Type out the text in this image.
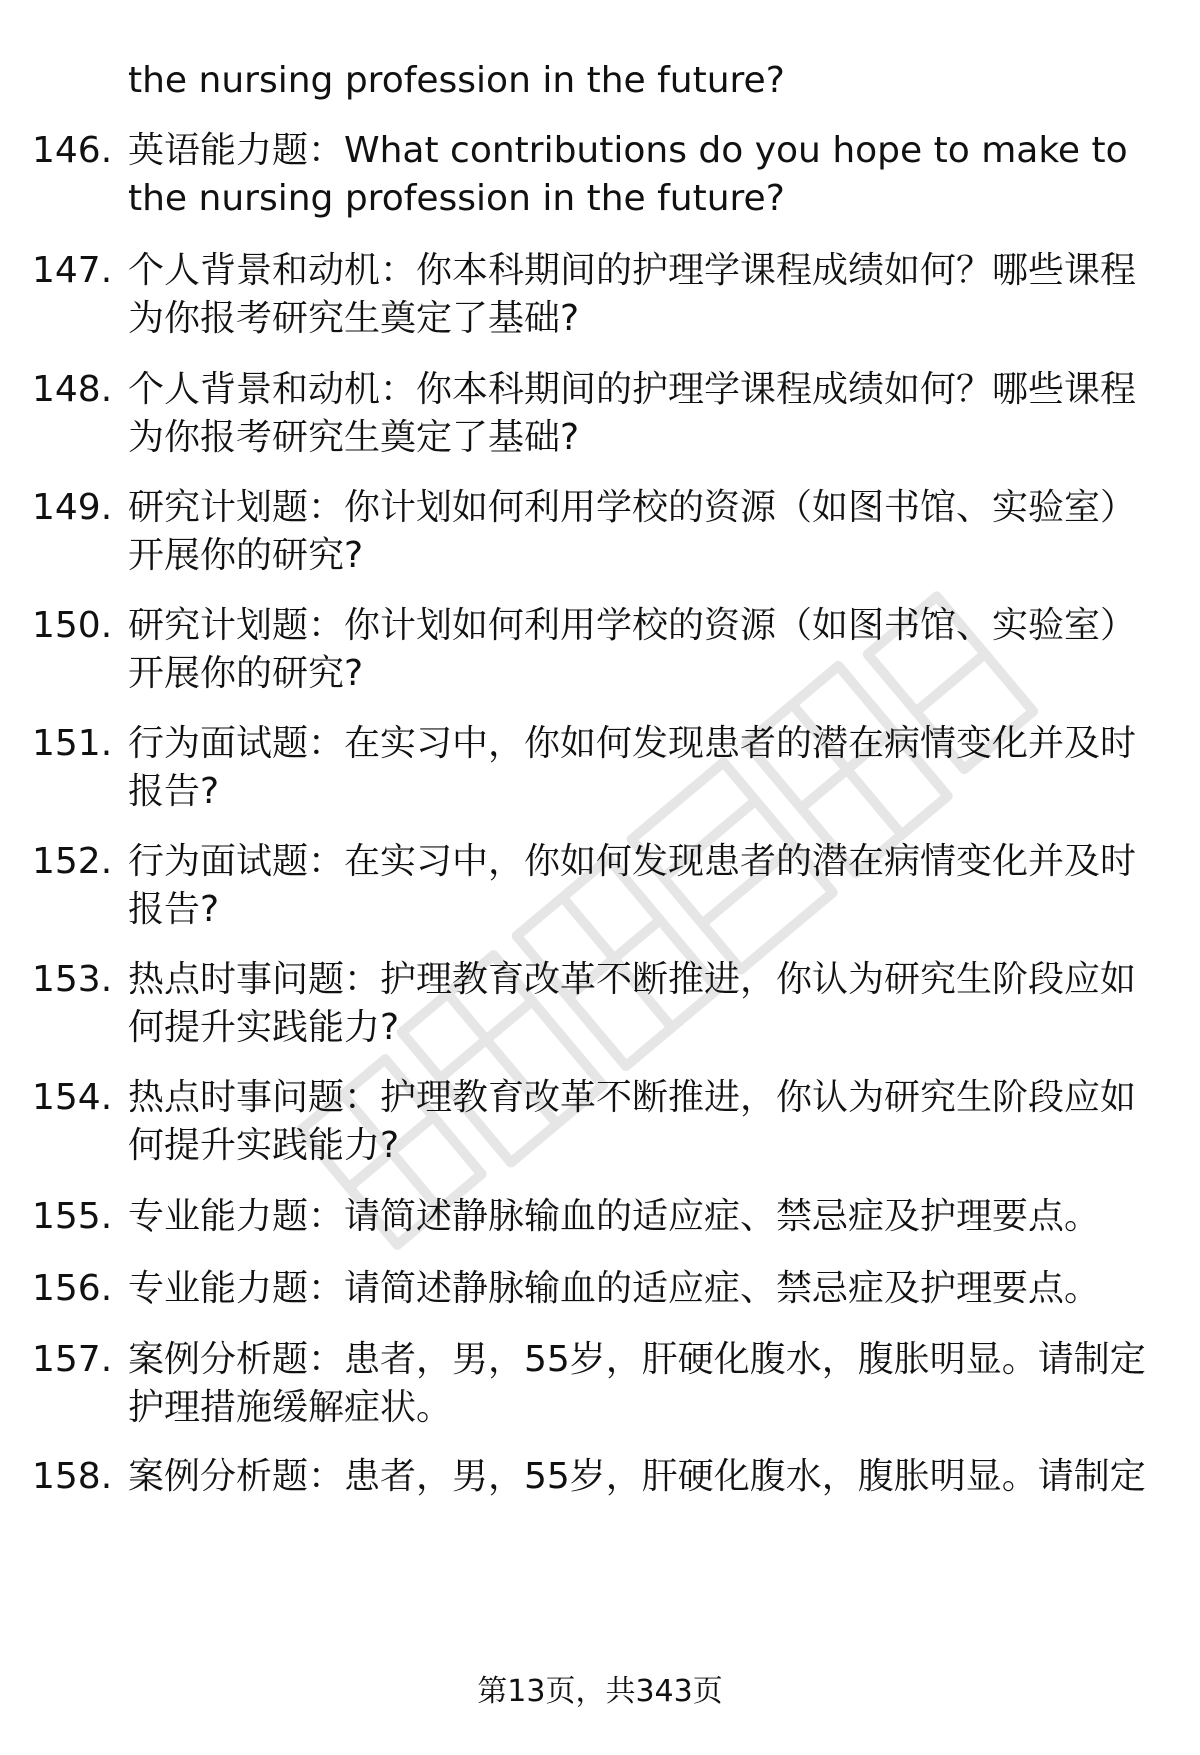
the nursing profession in the future?
146. 英语能力题：What contributions do you hope to make to
the nursing profession in the future?
147. 个人背景和动机：你本科期间的护理学课程成绩如何？哪些课程
为你报考研究生奠定了基础?
148. 个人背景和动机：你本科期间的护理学课程成绩如何？哪些课程
为你报考研究生奠定了基础?
149. 研究计划题：你计划如何利用学校的资源（如图书馆、实验室）
开展你的研究?
150. 研究计划题：你计划如何利用学校的资源（如图书馆、实验室）
开展你的研究?
151. 行为面试题：在实习中，你如何发现患者的潜在病情变化并及时
报告?
152. 行为面试题：在实习中，你如何发现患者的潜在病情变化并及时
报告?
153. 热点时事问题：护理教育改革不断推进，你认为研究生阶段应如
何提升实践能力?
154. 热点时事问题：护理教育改革不断推进，你认为研究生阶段应如
何提升实践能力?
155. 专业能力题：请简述静脉输血的适应症、禁忌症及护理要点。
156. 专业能力题：请简述静脉输血的适应症、禁忌症及护理要点。
157. 案例分析题：患者，男，55岁，肝硬化腹水，腹胀明显。请制定
护理措施缓解症状。
158. 案例分析题：患者，男，55岁，肝硬化腹水，腹胀明显。请制定
第13页，共343页
